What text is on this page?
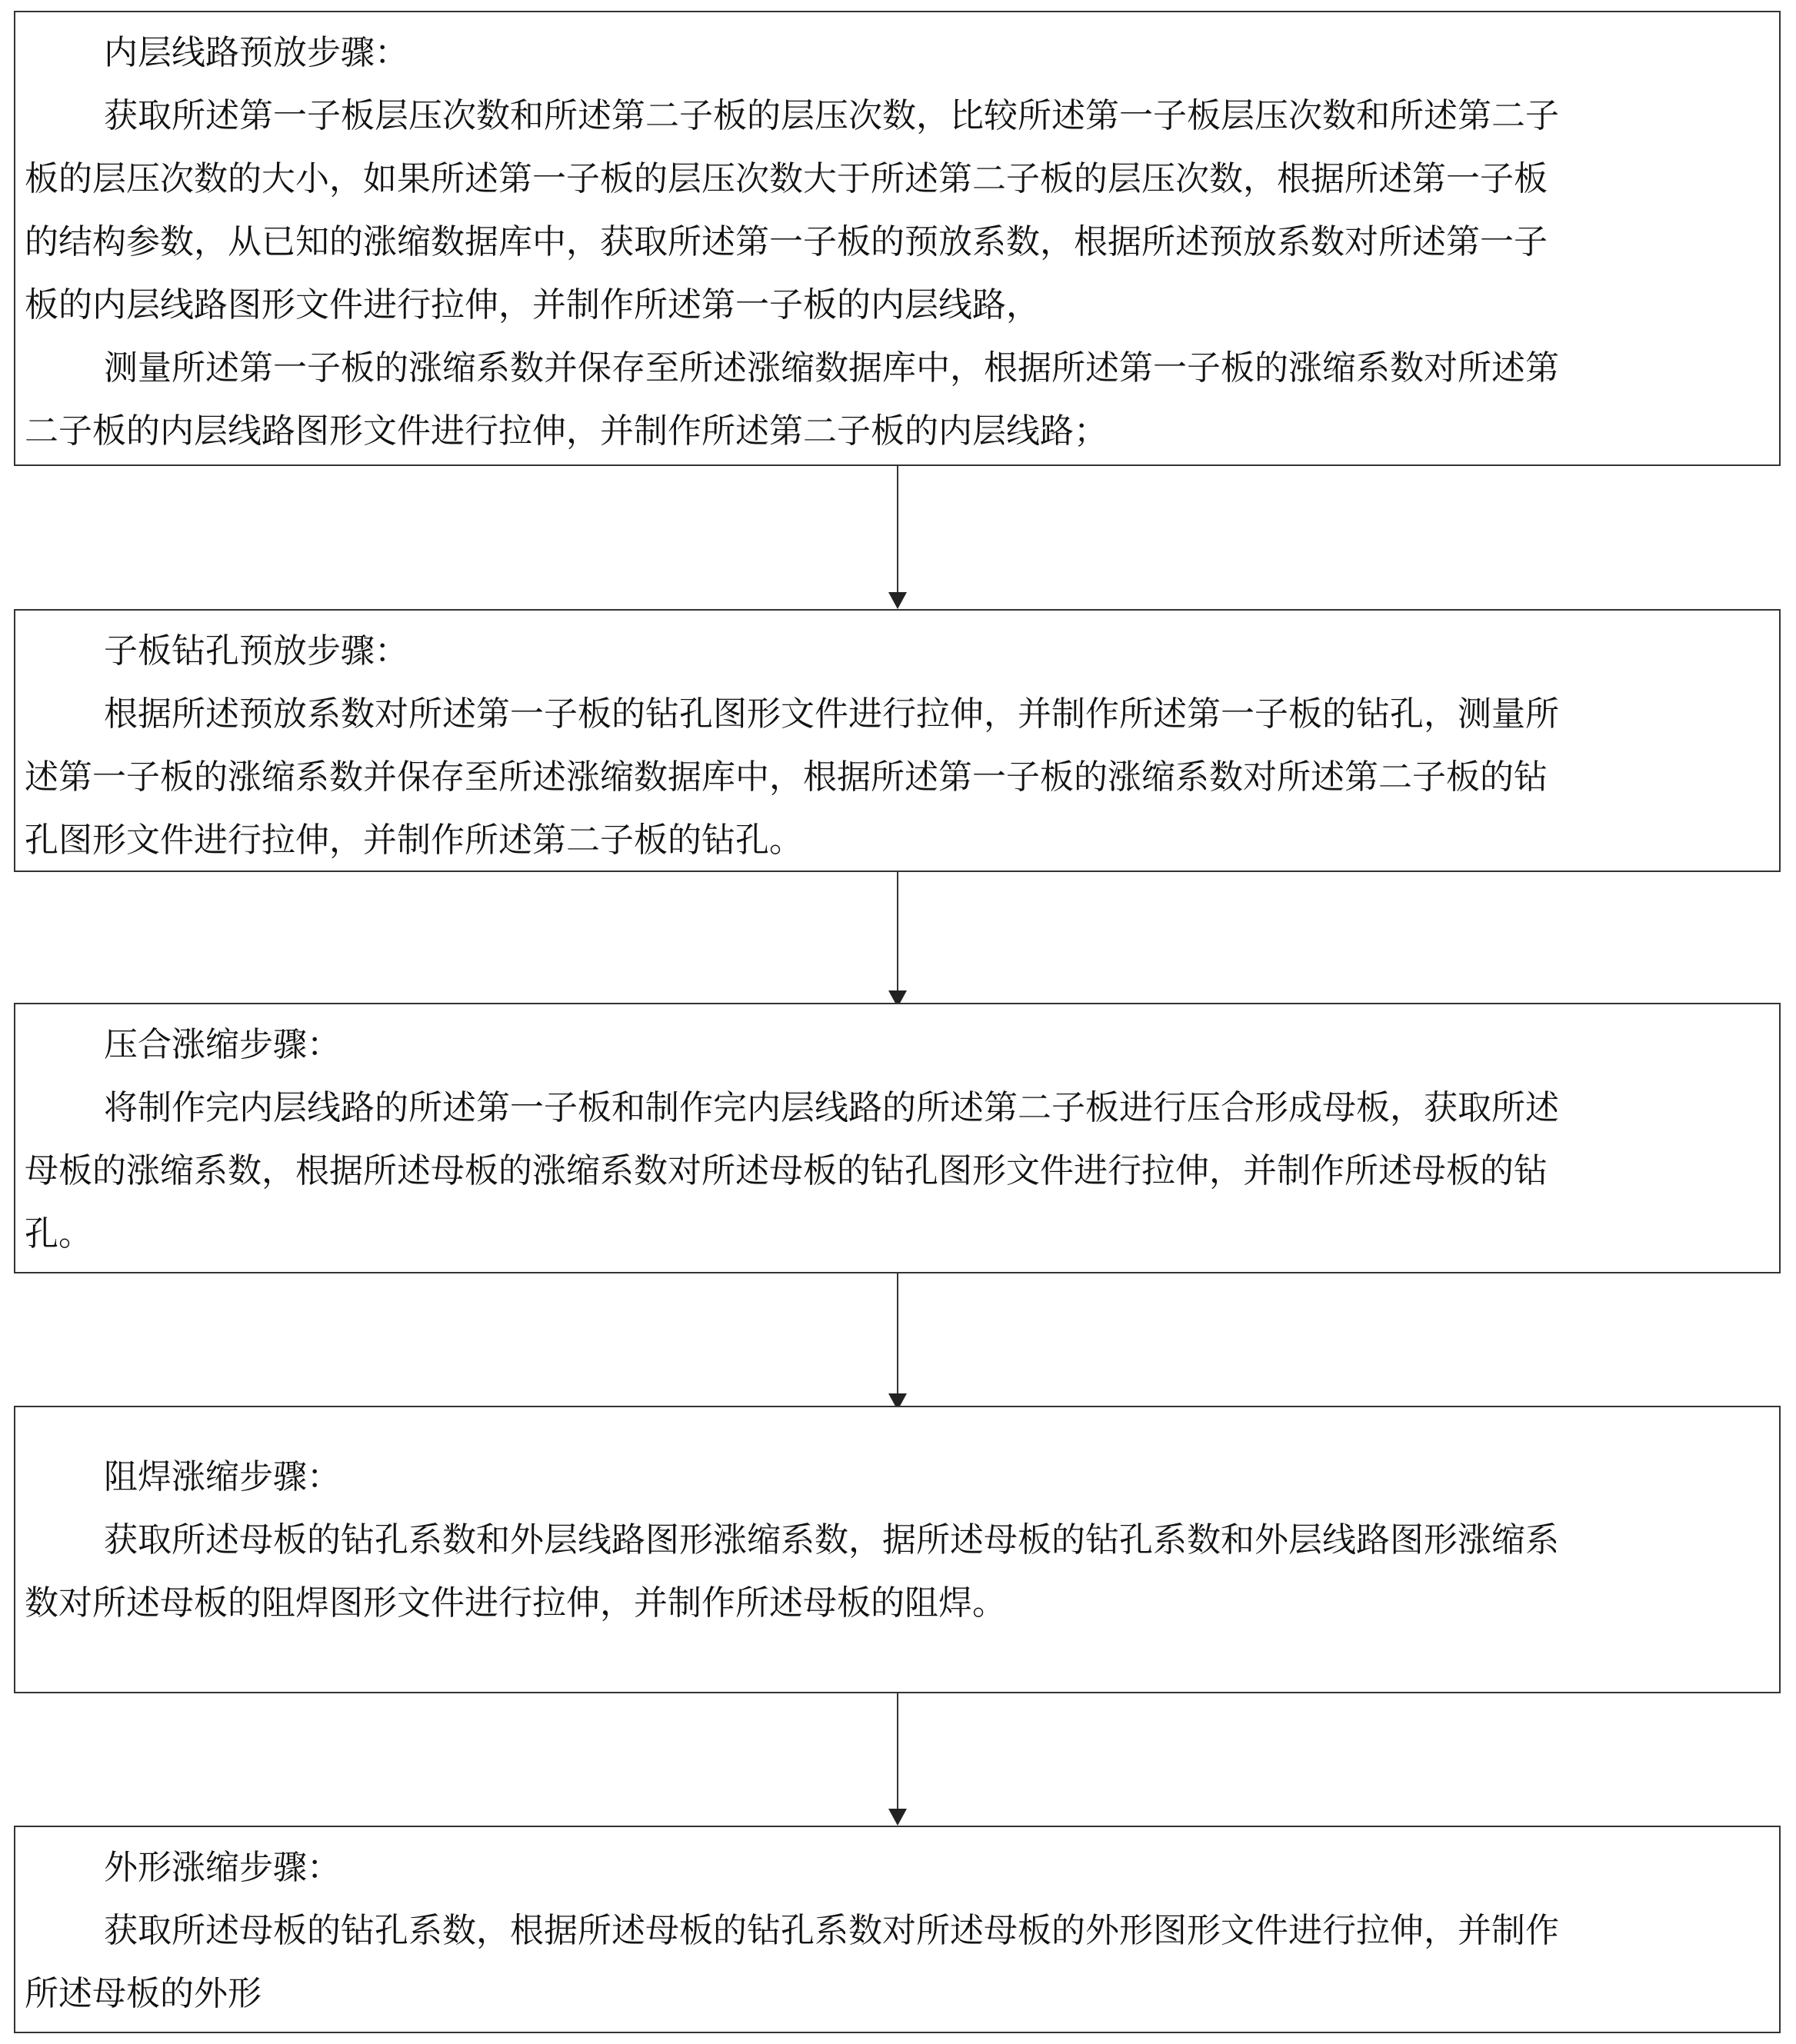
内层线路预放步骤：
获取所述第一子板层压次数和所述第二子板的层压次数，比较所述第一子板层压次数和所述第二子
板的层压次数的大小，如果所述第一子板的层压次数大于所述第二子板的层压次数，根据所述第一子板
的结构参数，从已知的涨缩数据库中，获取所述第一子板的预放系数，根据所述预放系数对所述第一子
板的内层线路图形文件进行拉伸，并制作所述第一子板的内层线路，
测量所述第一子板的涨缩系数并保存至所述涨缩数据库中，根据所述第一子板的涨缩系数对所述第
二子板的内层线路图形文件进行拉伸，并制作所述第二子板的内层线路；
子板钻孔预放步骤：
根据所述预放系数对所述第一子板的钻孔图形文件进行拉伸，并制作所述第一子板的钻孔，测量所
述第一子板的涨缩系数并保存至所述涨缩数据库中，根据所述第一子板的涨缩系数对所述第二子板的钻
孔图形文件进行拉伸，并制作所述第二子板的钻孔。
压合涨缩步骤：
将制作完内层线路的所述第一子板和制作完内层线路的所述第二子板进行压合形成母板，获取所述
母板的涨缩系数，根据所述母板的涨缩系数对所述母板的钻孔图形文件进行拉伸，并制作所述母板的钻
孔。
阻焊涨缩步骤：
获取所述母板的钻孔系数和外层线路图形涨缩系数，据所述母板的钻孔系数和外层线路图形涨缩系
数对所述母板的阻焊图形文件进行拉伸，并制作所述母板的阻焊。
外形涨缩步骤：
获取所述母板的钻孔系数，根据所述母板的钻孔系数对所述母板的外形图形文件进行拉伸，并制作
所述母板的外形
